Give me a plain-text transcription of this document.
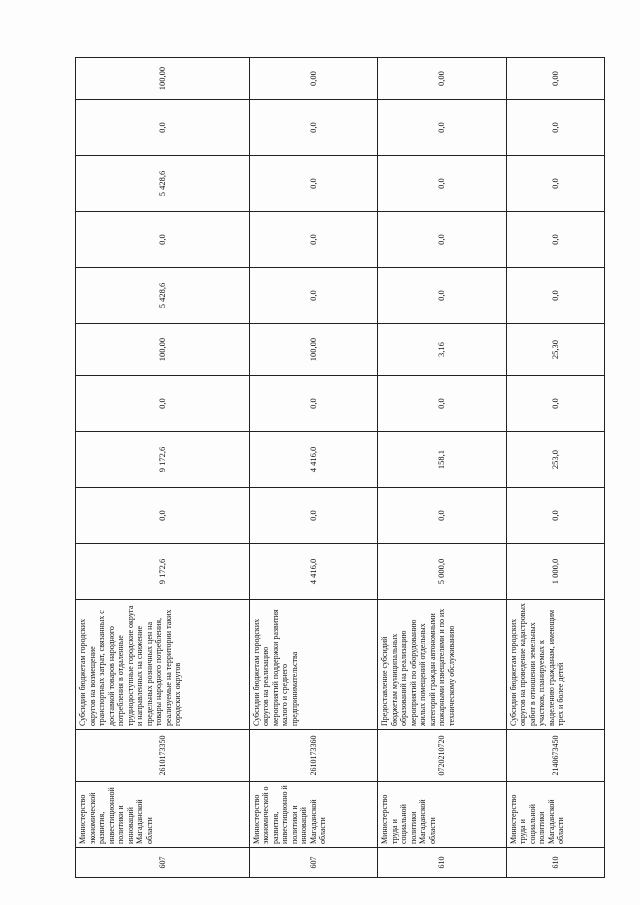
607	Министерство экономической развития, инвестиционной политики и инноваций Магаданской области	2610173350	Субсидии бюджетам городских округов на возмещение транспортных затрат, связанных с доставкой товаров народного потребления в отдаленные труднодоступные городские округа и направленных на снижение предельных розничных цен на товары народного потребления, реализуемые на территории таких городских округов	9 172,6	0,0	9 172,6	0,0	100,00	5 428,6	0,0	5 428,6	0,0	100,00
607	Министерство экономической о развития, инвестиционно й политики и инноваций Магаданской области	2610173360	Субсидии бюджетам городских округов на реализацию мероприятий поддержки развития малого и среднего предпринимательства	4 416,0	0,0	4 416,0	0,0	100,00	0,0	0,0	0,0	0,0	0,00
610	Министерство труда и социальной политики Магаданской области	0720210720	Предоставление субсидий бюджетам муниципальных образований на реализацию мероприятий по оборудованию жилых помещений отдельных категорий граждан автономными пожарными извещателями и по их техническому обслуживанию	5 000,0	0,0	158,1	0,0	3,16	0,0	0,0	0,0	0,0	0,00
610	Министерство труда и социальной политики Магаданской области	2140673450	Субсидии бюджетам городских округов на проведение кадастровых работ в отношении земельных участков, планируемых к выделению гражданам, имеющим трех и более детей	1 000,0	0,0	253,0	0,0	25,30	0,0	0,0	0,0	0,0	0,00
